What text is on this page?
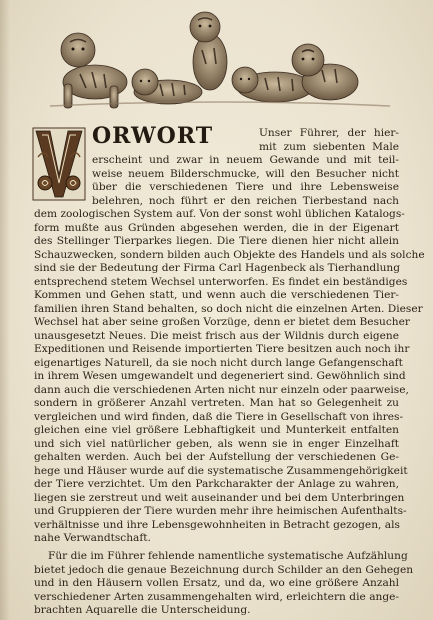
ORWORT	Unser Führer, der hier-
mit zum siebenten Male
erscheint und zwar in neuem Gewande und mit teil-
weise neuem Bilderschmucke, will den Besucher nicht
über die verschiedenen Tiere und ihre Lebensweise
belehren, noch führt er den reichen Tierbestand nach
dem zoologischen System auf. Von der sonst wohl üblichen Katalogs-
form mußte aus Gründen abgesehen werden, die in der Eigenart
des Stellinger Tierparkes liegen. Die Tiere dienen hier nicht allein
Schauzwecken, sondern bilden auch Objekte des Handels und als solche
sind sie der Bedeutung der Firma Carl Hagenbeck als Tierhandlung
entsprechend stetem Wechsel unterworfen. Es findet ein beständiges
Kommen und Gehen statt, und wenn auch die verschiedenen Tier-
familien ihren Stand behalten, so doch nicht die einzelnen Arten. Dieser
Wechsel hat aber seine großen Vorzüge, denn er bietet dem Besucher
unausgesetzt Neues. Die meist frisch aus der Wildnis durch eigene
Expeditionen und Reisende importierten Tiere besitzen auch noch ihr
eigenartiges Naturell, da sie noch nicht durch lange Gefangenschaft
in ihrem Wesen umgewandelt und degeneriert sind. Gewöhnlich sind
dann auch die verschiedenen Arten nicht nur einzeln oder paarweise,
sondern in größerer Anzahl vertreten. Man hat so Gelegenheit zu
vergleichen und wird finden, daß die Tiere in Gesellschaft von ihres-
gleichen eine viel größere Lebhaftigkeit und Munterkeit entfalten
und sich viel natürlicher geben, als wenn sie in enger Einzelhaft
gehalten werden. Auch bei der Aufstellung der verschiedenen Ge-
hege und Häuser wurde auf die systematische Zusammengehörigkeit
der Tiere verzichtet. Um den Parkcharakter der Anlage zu wahren,
liegen sie zerstreut und weit auseinander und bei dem Unterbringen
und Gruppieren der Tiere wurden mehr ihre heimischen Aufenthalts-
verhältnisse und ihre Lebensgewohnheiten in Betracht gezogen, als
nahe Verwandtschaft.
Für die im Führer fehlende namentliche systematische Aufzählung
bietet jedoch die genaue Bezeichnung durch Schilder an den Gehegen
und in den Häusern vollen Ersatz, und da, wo eine größere Anzahl
verschiedener Arten zusammengehalten wird, erleichtern die ange-
brachten Aquarelle die Unterscheidung.
